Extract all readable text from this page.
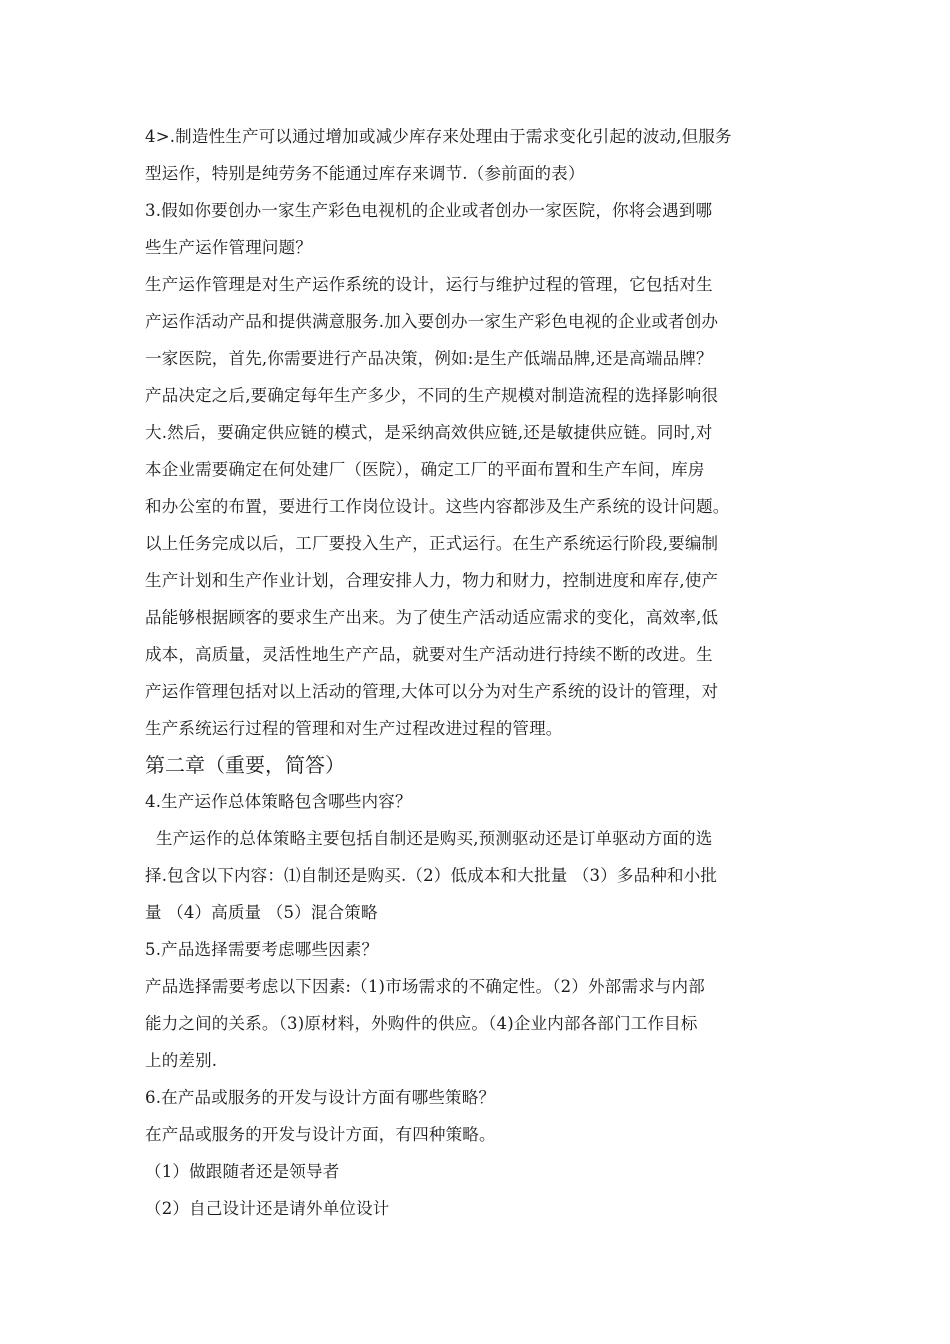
4>.制造性生产可以通过增加或减少库存来处理由于需求变化引起的波动,但服务
型运作，特别是纯劳务不能通过库存来调节.（参前面的表）
3.假如你要创办一家生产彩色电视机的企业或者创办一家医院，你将会遇到哪
些生产运作管理问题？
生产运作管理是对生产运作系统的设计，运行与维护过程的管理，它包括对生
产运作活动产品和提供满意服务.加入要创办一家生产彩色电视的企业或者创办
一家医院，首先,你需要进行产品决策，例如:是生产低端品牌,还是高端品牌？
产品决定之后,要确定每年生产多少，不同的生产规模对制造流程的选择影响很
大.然后，要确定供应链的模式，是采纳高效供应链,还是敏捷供应链。同时,对
本企业需要确定在何处建厂（医院），确定工厂的平面布置和生产车间，库房
和办公室的布置，要进行工作岗位设计。这些内容都涉及生产系统的设计问题。
以上任务完成以后，工厂要投入生产，正式运行。在生产系统运行阶段,要编制
生产计划和生产作业计划，合理安排人力，物力和财力，控制进度和库存,使产
品能够根据顾客的要求生产出来。为了使生产活动适应需求的变化，高效率,低
成本，高质量，灵活性地生产产品，就要对生产活动进行持续不断的改进。生
产运作管理包括对以上活动的管理,大体可以分为对生产系统的设计的管理，对
生产系统运行过程的管理和对生产过程改进过程的管理。
第二章（重要，简答）
4.生产运作总体策略包含哪些内容？
生产运作的总体策略主要包括自制还是购买,预测驱动还是订单驱动方面的选
择.包含以下内容：⑴自制还是购买.（2）低成本和大批量 （3）多品种和小批
量 （4）高质量 （5）混合策略
5.产品选择需要考虑哪些因素？
产品选择需要考虑以下因素:（1)市场需求的不确定性。（2）外部需求与内部
能力之间的关系。（3)原材料，外购件的供应。（4)企业内部各部门工作目标
上的差别.
6.在产品或服务的开发与设计方面有哪些策略？
在产品或服务的开发与设计方面，有四种策略。
（1）做跟随者还是领导者
（2）自己设计还是请外单位设计
